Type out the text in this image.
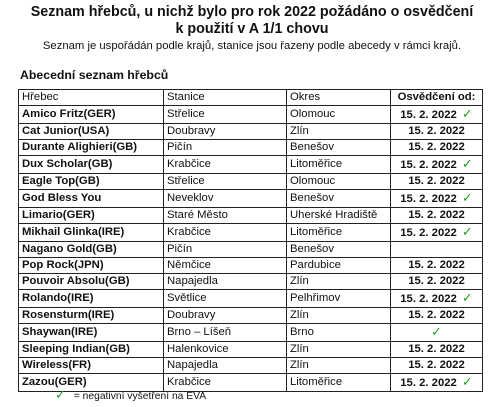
Seznam hřebců, u nichž bylo pro rok 2022 požádáno o osvědčení
k použití v A 1/1 chovu
Seznam je uspořádán podle krajů, stanice jsou řazeny podle abecedy v rámci krajů.
Abecední seznam hřebců
Hřebec	Stanice	Okres	Osvědčení od:
Amico Fritz(GER)	Střelice	Olomouc	15. 2. 2022 ✓
Cat Junior(USA)	Doubravy	Zlín	15. 2. 2022
Durante Alighieri(GB)	Pičín	Benešov	15. 2. 2022
Dux Scholar(GB)	Krabčice	Litoměřice	15. 2. 2022 ✓
Eagle Top(GB)	Střelice	Olomouc	15. 2. 2022
God Bless You	Neveklov	Benešov	15. 2. 2022 ✓
Limario(GER)	Staré Město	Uherské Hradiště	15. 2. 2022
Mikhail Glinka(IRE)	Krabčice	Litoměřice	15. 2. 2022 ✓
Nagano Gold(GB)	Pičín	Benešov	
Pop Rock(JPN)	Němčice	Pardubice	15. 2. 2022
Pouvoir Absolu(GB)	Napajedla	Zlín	15. 2. 2022
Rolando(IRE)	Světlice	Pelhřimov	15. 2. 2022 ✓
Rosensturm(IRE)	Doubravy	Zlín	15. 2. 2022
Shaywan(IRE)	Brno – Líšeň	Brno	✓
Sleeping Indian(GB)	Halenkovice	Zlín	15. 2. 2022
Wireless(FR)	Napajedla	Zlín	15. 2. 2022
Zazou(GER)	Krabčice	Litoměřice	15. 2. 2022 ✓
✓ = negativní vyšetření na EVA
